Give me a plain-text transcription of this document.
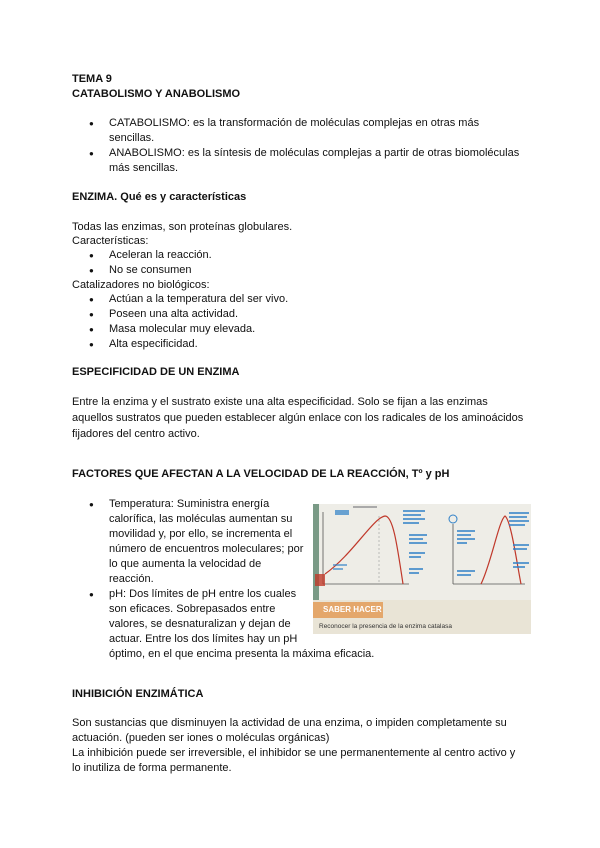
TEMA 9
CATABOLISMO Y ANABOLISMO
● CATABOLISMO: es la transformación de moléculas complejas en otras más
sencillas.
● ANABOLISMO: es la síntesis de moléculas complejas a partir de otras biomoléculas
más sencillas.
ENZIMA. Qué es y características
Todas las enzimas, son proteínas globulares.
Características:
● Aceleran la reacción.
● No se consumen
Catalizadores no biológicos:
● Actúan a la temperatura del ser vivo.
● Poseen una alta actividad.
● Masa molecular muy elevada.
● Alta especificidad.
ESPECIFICIDAD DE UN ENZIMA
Entre la enzima y el sustrato existe una alta especificidad. Solo se fijan a las enzimas
aquellos sustratos que pueden establecer algún enlace con los radicales de los aminoácidos
fijadores del centro activo.
FACTORES QUE AFECTAN A LA VELOCIDAD DE LA REACCIÓN, Tº y pH
● Temperatura: Suministra energía
calorífica, las moléculas aumentan su
movilidad y, por ello, se incrementa el
número de encuentros moleculares; por
lo que aumenta la velocidad de
reacción.
● pH: Dos límites de pH entre los cuales
son eficaces. Sobrepasados entre
valores, se desnaturalizan y dejan de
actuar. Entre los dos límites hay un pH
óptimo, en el que encima presenta la máxima eficacia.
SABER HACER
Reconocer la presencia de la enzima catalasa
INHIBICIÓN ENZIMÁTICA
Son sustancias que disminuyen la actividad de una enzima, o impiden completamente su
actuación. (pueden ser iones o moléculas orgánicas)
La inhibición puede ser irreversible, el inhibidor se une permanentemente al centro activo y
lo inutiliza de forma permanente.
